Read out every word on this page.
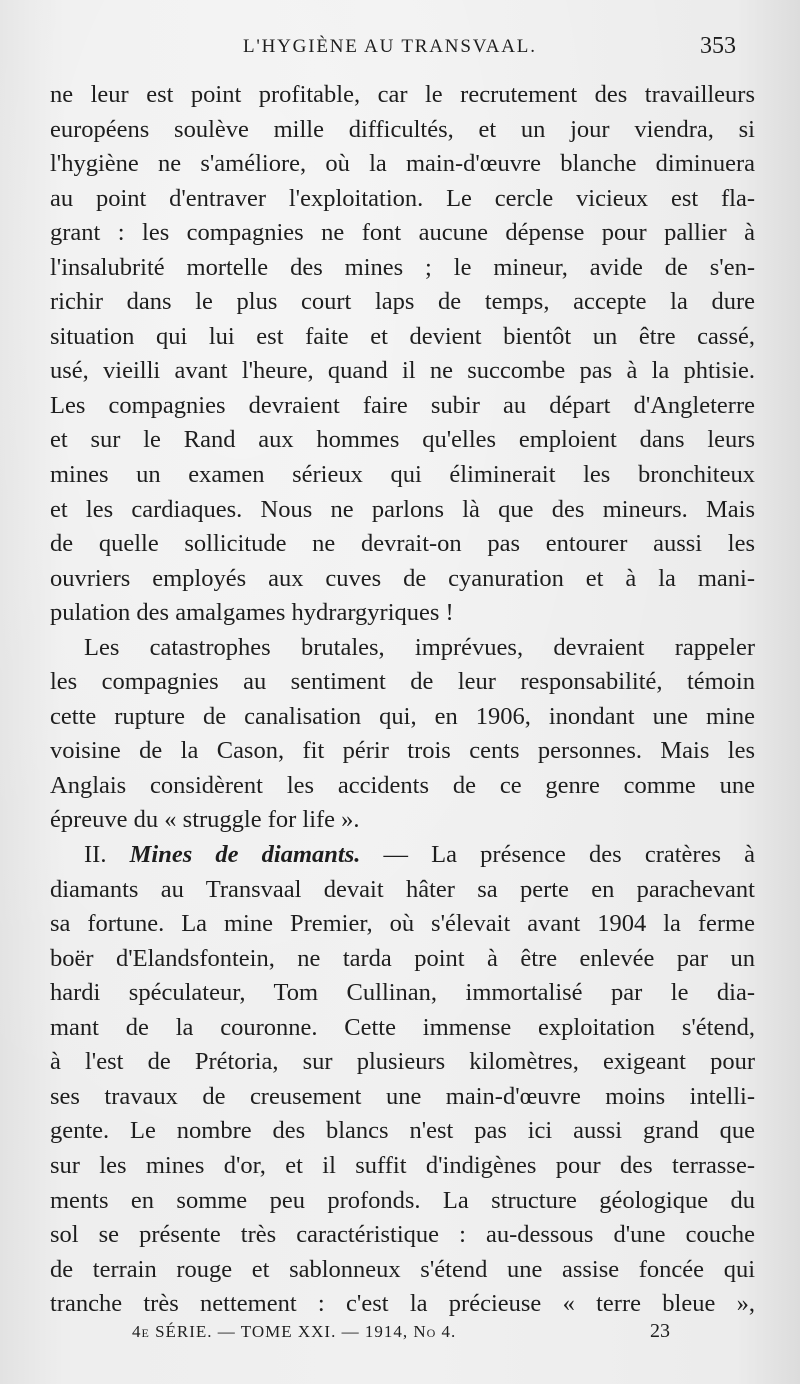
L'HYGIÈNE AU TRANSVAAL.	353
ne leur est point profitable, car le recrutement des travailleurs
européens soulève mille difficultés, et un jour viendra, si
l'hygiène ne s'améliore, où la main-d'œuvre blanche diminuera
au point d'entraver l'exploitation. Le cercle vicieux est fla-
grant : les compagnies ne font aucune dépense pour pallier à
l'insalubrité mortelle des mines ; le mineur, avide de s'en-
richir dans le plus court laps de temps, accepte la dure
situation qui lui est faite et devient bientôt un être cassé,
usé, vieilli avant l'heure, quand il ne succombe pas à la phtisie.
Les compagnies devraient faire subir au départ d'Angleterre
et sur le Rand aux hommes qu'elles emploient dans leurs
mines un examen sérieux qui éliminerait les bronchiteux
et les cardiaques. Nous ne parlons là que des mineurs. Mais
de quelle sollicitude ne devrait-on pas entourer aussi les
ouvriers employés aux cuves de cyanuration et à la mani-
pulation des amalgames hydrargyriques !
Les catastrophes brutales, imprévues, devraient rappeler
les compagnies au sentiment de leur responsabilité, témoin
cette rupture de canalisation qui, en 1906, inondant une mine
voisine de la Cason, fit périr trois cents personnes. Mais les
Anglais considèrent les accidents de ce genre comme une
épreuve du « struggle for life ».
II. Mines de diamants. — La présence des cratères à
diamants au Transvaal devait hâter sa perte en parachevant
sa fortune. La mine Premier, où s'élevait avant 1904 la ferme
boër d'Elandsfontein, ne tarda point à être enlevée par un
hardi spéculateur, Tom Cullinan, immortalisé par le dia-
mant de la couronne. Cette immense exploitation s'étend,
à l'est de Prétoria, sur plusieurs kilomètres, exigeant pour
ses travaux de creusement une main-d'œuvre moins intelli-
gente. Le nombre des blancs n'est pas ici aussi grand que
sur les mines d'or, et il suffit d'indigènes pour des terrasse-
ments en somme peu profonds. La structure géologique du
sol se présente très caractéristique : au-dessous d'une couche
de terrain rouge et sablonneux s'étend une assise foncée qui
tranche très nettement : c'est la précieuse « terre bleue »,
4e SÉRIE. — TOME XXI. — 1914, No 4.	23
